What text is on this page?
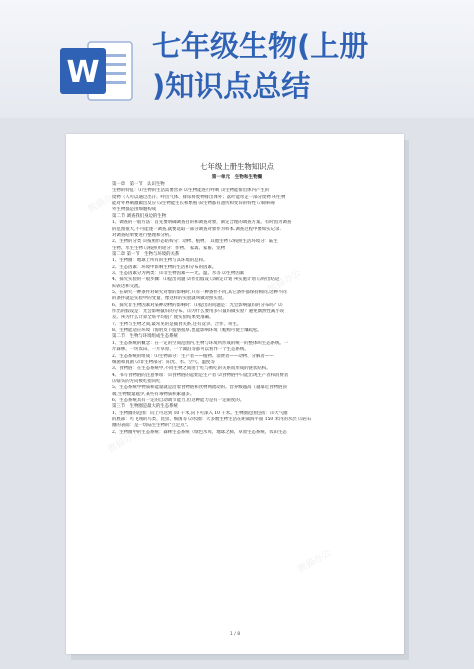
W
七年级生物(上册
)知识点总结
熊猫办公
熊猫办公
熊猫办公
熊猫办公
七年级上册生物知识点
第一单元　生物和生物圈
第一章　第一节　认识生物
生物的特征：⑴生物的生活需要营养 ⑵生物能进行呼吸 ⑶生物能排出体内产生的
废物（人可以通过出汗、呼出气体、排尿将废物排出体外；落叶能带走一部分废物 ⑷生物
能对外界刺激做出反应 ⑸生物能生长和繁殖 ⑹生物都有遗传和变异的特性 ⑺除病毒
外生物都是由细胞构成
第二节 调查我们身边的生物
1、调查的一般方法：首先要明确调查目的和调查对象，制定合理的调查方案。有时因为调查
的范围很大,不可能逐一调查,就要选取一部分调查对象作为样本.调查过程中要如实记录.
对调查结果要进行整理和分析。
2、生物的分类 ⑴按照形态结构分：动物、植物、 其他生物 ⑵按照生活环境分：陆生
生物、水生生物 ⑶按照用途分：作物、 家禽、家畜、宠物
第二章 第一节　生物与环境的关系
1、生物圈：地球上所有的生物与其环境的总和。
2、生态因素：环境中影响生物的生活和分布的因素。
3、生态因素分为两类：⑴非生物因素——光、温、水等 ⑵生物因素
4、探究实验的一般步骤：⑴提出问题 ⑵作出假设 ⑶制定计划 ⑷实施计划 ⑸得出结论
⑹表达和交流。
5、在研究一种条件对研究对象的影响时,只有一种条件不同,其它条件都保持相同,这种不同
的条件就是实验中的变量，像这样的实验就叫做对照实验。
6、探究非生物因素对某种动物的影响时：⑴提出的问题是：光会影响鼠妇的分布吗？⑵
作出的假设是：光会影响鼠妇的分布。⑶为什么要用多只鼠妇做实验？避免偶然性减小误
差。⑷为什么计算全班平均值？使实验结果更准确。
7、生物与生物之间,最常见的是捕食关系,还有竞争、合作、寄生。
8、生物能适应环境（海豹皮下脂肪很厚,也能影响环境（蚯蚓可使土壤疏松。
第二节　生物与环境组成生态系统
1、生态系统的概念：在一定的空间范围内,生物与环境所形成的统一的整体叫生态系统。一
片森林、一块农田、一片草原、一个湖泊等都可以看作一个生态系统。
2、生态系统的组成：⑴生物部分：生产者——植物、消费者——动物、分解者——
细菌和真菌 ⑵非生物部分：阳光、水、空气、温度等
3、食物链：在生态系统中,不同生物之间由于吃与被吃的关系而形成的链状结构。
4、书写食物链的注意事项：⑴食物链的起始是生产者 ⑵食物链中只能出现生产者和消费者
⑶箭头的方向被吃指向吃
5、生态系统中物质和能量就是沿着食物链和食物网流动的。营养级越高（越靠近食物链顶
端,生物数量越少,某些有毒物质积累越多。
6、生态系统具有一定的自动调节能力,但这种能力是有一定限度的。
第三节　生物圈是最大的生态系统
1、生物圈的范围：向上可达到 10 千米,向下可深入 10 千米。生物圈范围包括：⑴大气圈
的底部：可飞翔的鸟类、昆虫、细菌等 ⑵水圈：大多数生物生活在距离海平面 150 米内的水层 ⑶岩石
圈的表面：是一切陆生生物的"立足点"。
2、生物圈中的生态系统：森林生态系统（绿色水库，地球之肺，草原生态系统、农田生态
1 / 8
